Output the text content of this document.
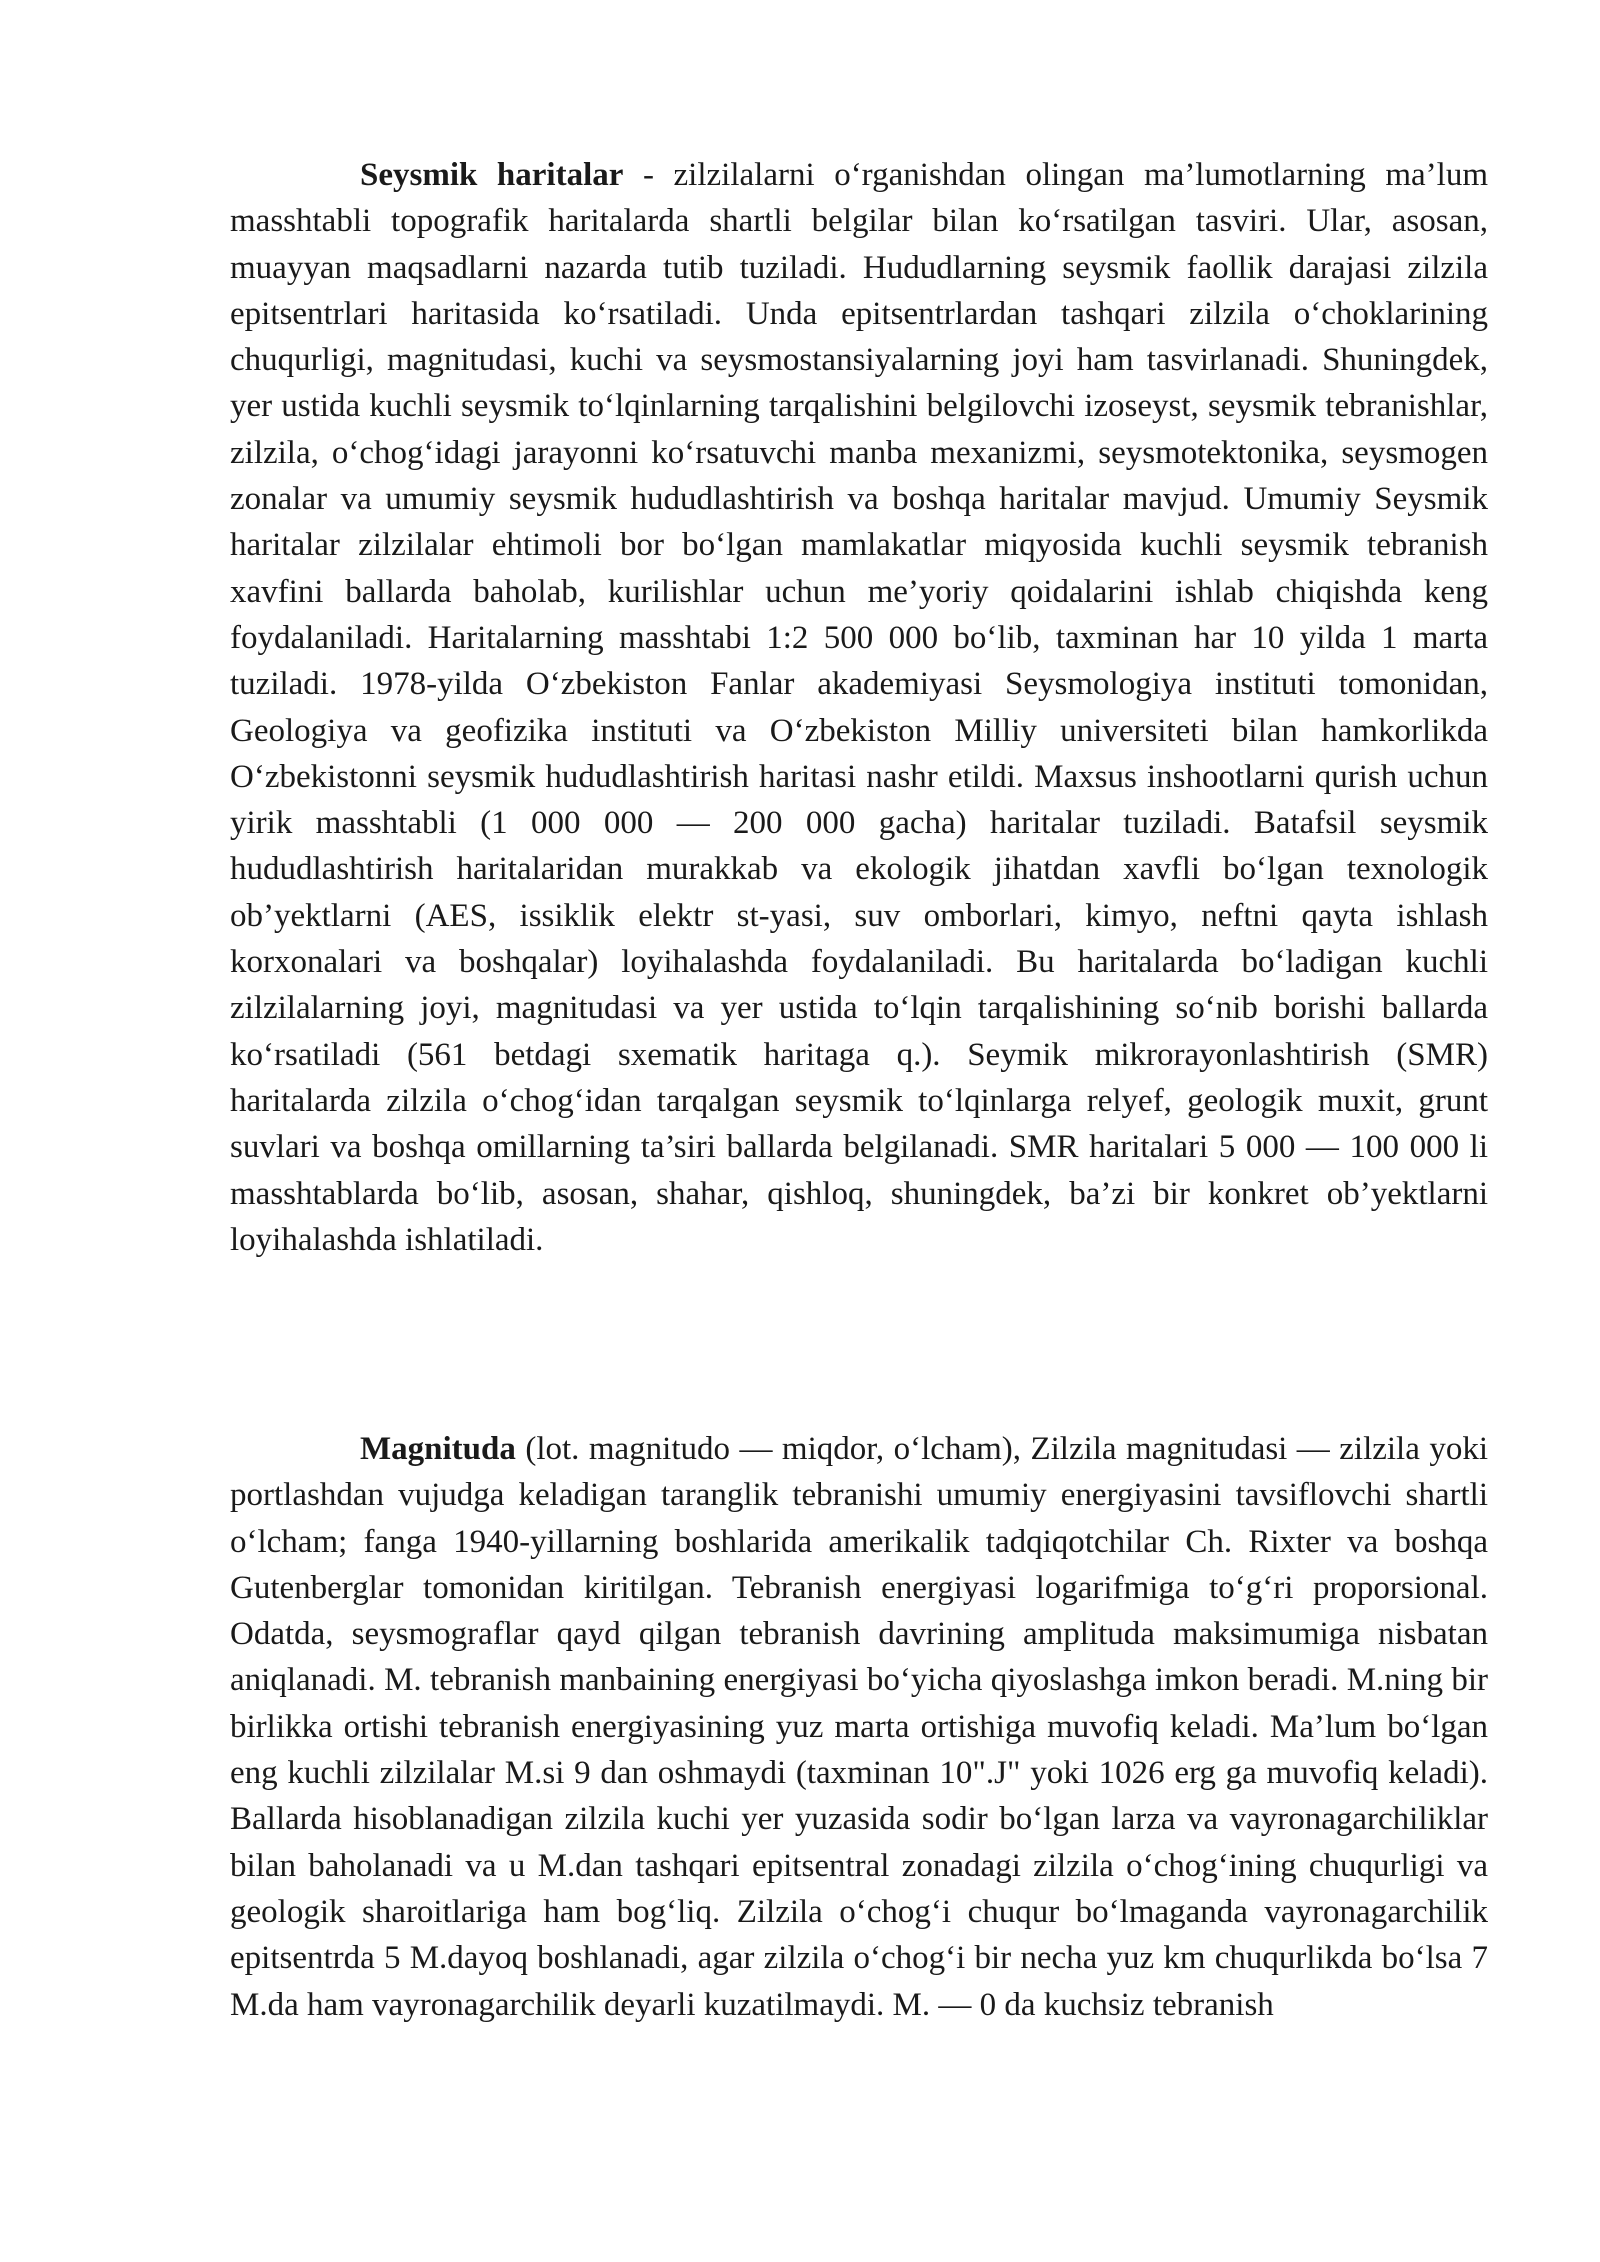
Seysmik haritalar - zilzilalarni o‘rganishdan olingan ma’lumotlarning ma’lum masshtabli topografik haritalarda shartli belgilar bilan ko‘rsatilgan tasviri. Ular, asosan, muayyan maqsadlarni nazarda tutib tuziladi. Hududlarning seysmik faollik darajasi zilzila epitsentrlari haritasida ko‘rsatiladi. Unda epitsentrlardan tashqari zilzila o‘choklarining chuqurligi, magnitudasi, kuchi va seysmostansiyalarning joyi ham tasvirlanadi. Shuningdek, yer ustida kuchli seysmik to‘lqinlarning tarqalishini belgilovchi izoseyst, seysmik tebranishlar, zilzila, o‘chog‘idagi jarayonni ko‘rsatuvchi manba mexanizmi, seysmotektonika, seysmogen zonalar va umumiy seysmik hududlashtirish va boshqa haritalar mavjud. Umumiy Seysmik haritalar zilzilalar ehtimoli bor bo‘lgan mamlakatlar miqyosida kuchli seysmik tebranish xavfini ballarda baholab, kurilishlar uchun me’yoriy qoidalarini ishlab chiqishda keng foydalaniladi. Haritalarning masshtabi 1:2 500 000 bo‘lib, taxminan har 10 yilda 1 marta tuziladi. 1978-yilda O‘zbekiston Fanlar akademiyasi Seysmologiya instituti tomonidan, Geologiya va geofizika instituti va O‘zbekiston Milliy universiteti bilan hamkorlikda O‘zbekistonni seysmik hududlashtirish haritasi nashr etildi. Maxsus inshootlarni qurish uchun yirik masshtabli (1 000 000 — 200 000 gacha) haritalar tuziladi. Batafsil seysmik hududlashtirish haritalaridan murakkab va ekologik jihatdan xavfli bo‘lgan texnologik ob’yektlarni (AES, issiklik elektr st-yasi, suv omborlari, kimyo, neftni qayta ishlash korxonalari va boshqalar) loyihalashda foydalaniladi. Bu haritalarda bo‘ladigan kuchli zilzilalarning joyi, magnitudasi va yer ustida to‘lqin tarqalishining so‘nib borishi ballarda ko‘rsatiladi (561 betdagi sxematik haritaga q.). Seymik mikrorayonlashtirish (SMR) haritalarda zilzila o‘chog‘idan tarqalgan seysmik to‘lqinlarga relyef, geologik muxit, grunt suvlari va boshqa omillarning ta’siri ballarda belgilanadi. SMR haritalari 5 000 — 100 000 li masshtablarda bo‘lib, asosan, shahar, qishloq, shuningdek, ba’zi bir konkret ob’yektlarni loyihalashda ishlatiladi.

Magnituda (lot. magnitudo — miqdor, o‘lcham), Zilzila magnitudasi — zilzila yoki portlashdan vujudga keladigan taranglik tebranishi umumiy energiyasini tavsiflovchi shartli o‘lcham; fanga 1940-yillarning boshlarida amerikalik tadqiqotchilar Ch. Rixter va boshqa Gutenberglar tomonidan kiritilgan. Tebranish energiyasi logarifmiga to‘g‘ri proporsional. Odatda, seysmograflar qayd qilgan tebranish davrining amplituda maksimumiga nisbatan aniqlanadi. M. tebranish manbaining energiyasi bo‘yicha qiyoslashga imkon beradi. M.ning bir birlikka ortishi tebranish energiyasining yuz marta ortishiga muvofiq keladi. Ma’lum bo‘lgan eng kuchli zilzilalar M.si 9 dan oshmaydi (taxminan 10".J" yoki 1026 erg ga muvofiq keladi). Ballarda hisoblanadigan zilzila kuchi yer yuzasida sodir bo‘lgan larza va vayronagarchiliklar bilan baholanadi va u M.dan tashqari epitsentral zonadagi zilzila o‘chog‘ining chuqurligi va geologik sharoitlariga ham bog‘liq. Zilzila o‘chog‘i chuqur bo‘lmaganda vayronagarchilik epitsentrda 5 M.dayoq boshlanadi, agar zilzila o‘chog‘i bir necha yuz km chuqurlikda bo‘lsa 7 M.da ham vayronagarchilik deyarli kuzatilmaydi. M. — 0 da kuchsiz tebranish
